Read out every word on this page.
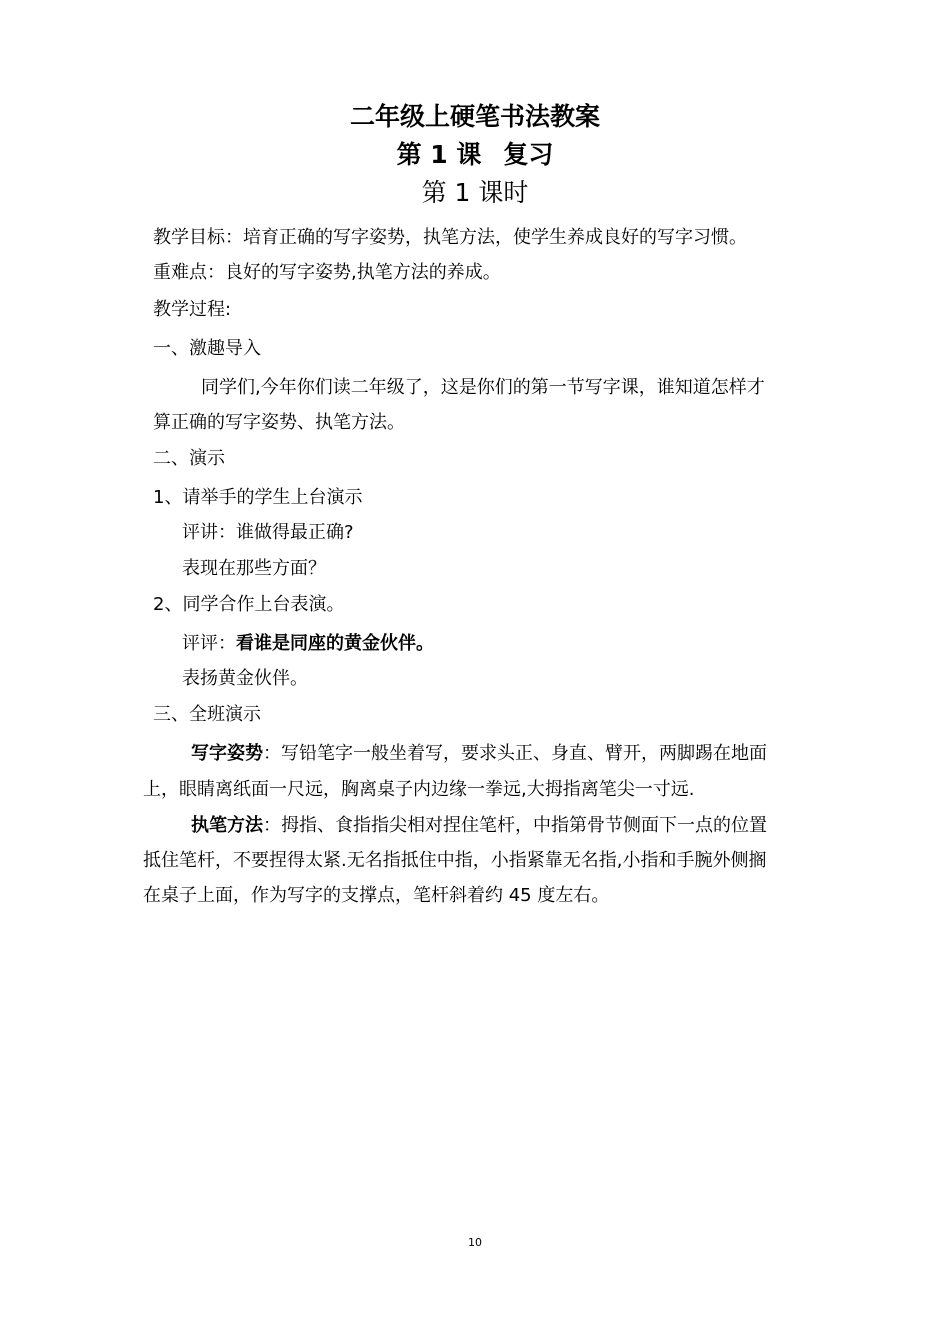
二年级上硬笔书法教案
第 1 课 复习
第 1 课时
教学目标：培育正确的写字姿势，执笔方法，使学生养成良好的写字习惯。
重难点：良好的写字姿势,执笔方法的养成。
教学过程:
一、激趣导入
同学们,今年你们读二年级了，这是你们的第一节写字课，谁知道怎样才
算正确的写字姿势、执笔方法。
二、演示
1、请举手的学生上台演示
评讲：谁做得最正确?
表现在那些方面？
2、同学合作上台表演。
评评：看谁是同座的黄金伙伴。
表扬黄金伙伴。
三、全班演示
写字姿势：写铅笔字一般坐着写，要求头正、身直、臂开，两脚踢在地面
上，眼睛离纸面一尺远，胸离桌子内边缘一拳远,大拇指离笔尖一寸远.
执笔方法：拇指、食指指尖相对捏住笔杆，中指第骨节侧面下一点的位置
抵住笔杆，不要捏得太紧.无名指抵住中指，小指紧靠无名指,小指和手腕外侧搁
在桌子上面，作为写字的支撑点，笔杆斜着约 45 度左右。
10
